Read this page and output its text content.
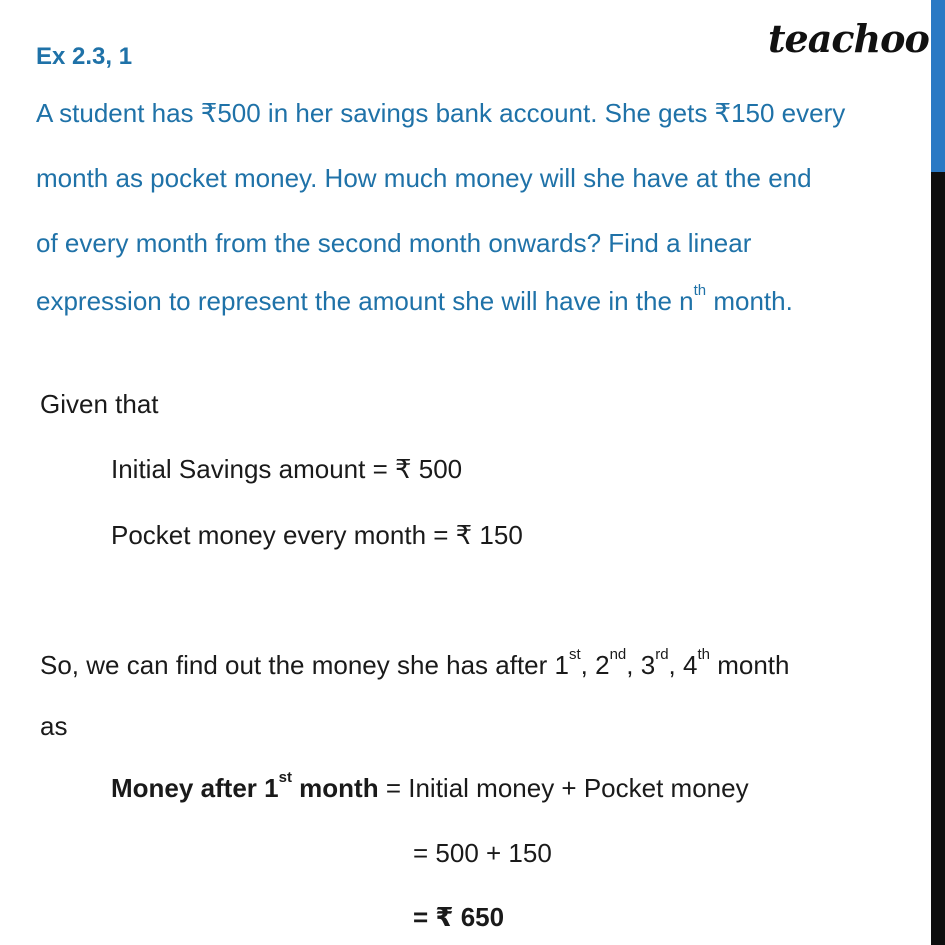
Ex 2.3, 1	teachoo
A student has ₹500 in her savings bank account. She gets ₹150 every
month as pocket money. How much money will she have at the end
of every month from the second month onwards? Find a linear
expression to represent the amount she will have in the $n^{th}$ month.
Given that
Initial Savings amount = ₹ 500
Pocket money every month = ₹ 150
So, we can find out the money she has after 1st, 2nd, 3rd, 4th month
as
Money after 1st month = Initial money + Pocket money
= 500 + 150
= ₹ 650
